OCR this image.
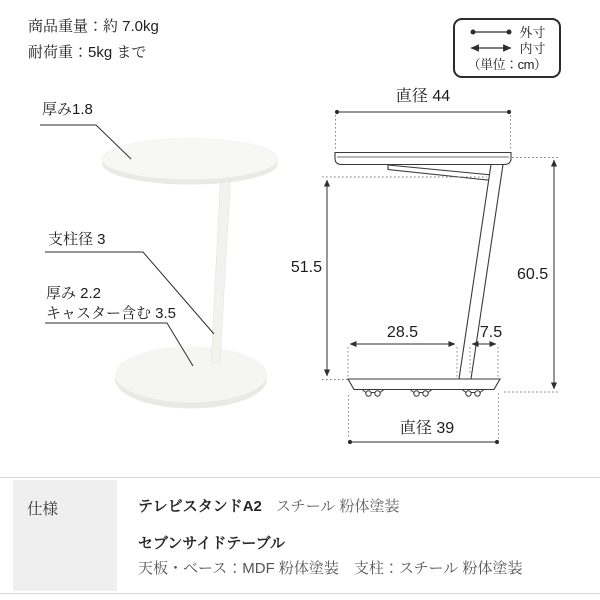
商品重量：約 7.0kg
耐荷重：5kg まで
外寸
内寸
（単位：cm）
厚み1.8
支柱径 3
厚み 2.2
キャスター含む 3.5
直径 44
51.5	60.5
28.5	7.5
直径 39
仕様	テレビスタンドA2 スチール 粉体塗装
セブンサイドテーブル
天板・ベース：MDF 粉体塗装　支柱：スチール 粉体塗装
